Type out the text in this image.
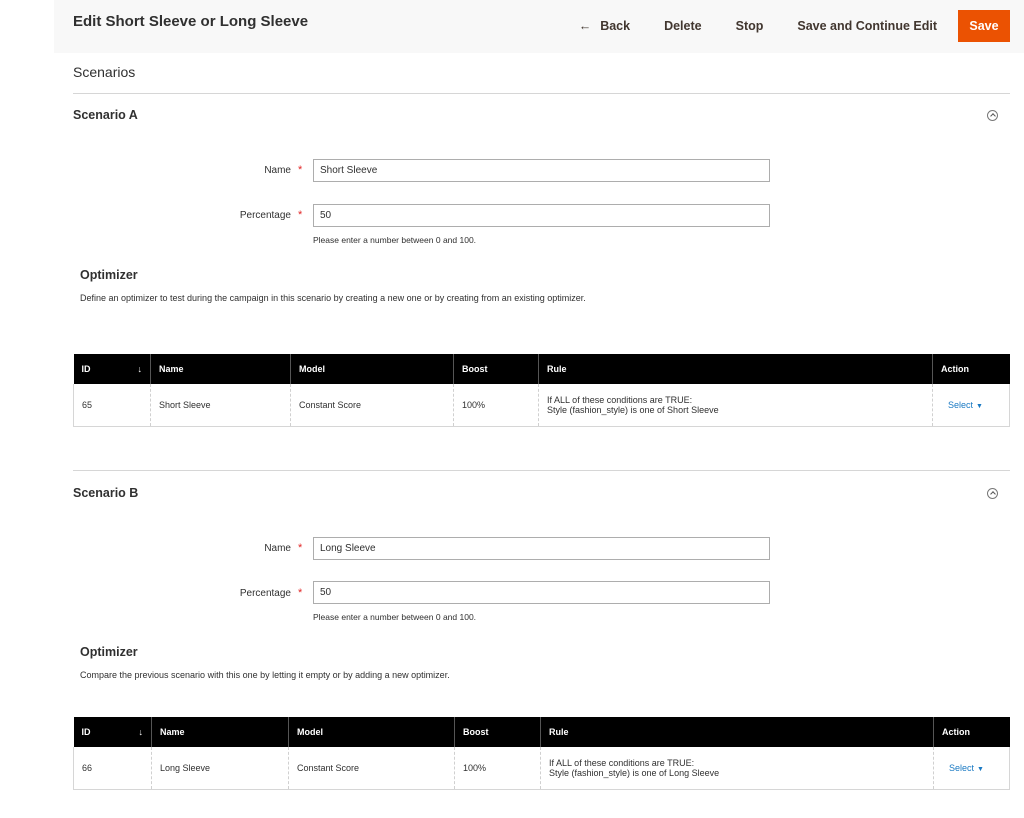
Edit Short Sleeve or Long Sleeve	← Back	Delete	Stop	Save and Continue Edit	Save
Scenarios
Scenario A
Name *
Short Sleeve
Percentage *
50
Please enter a number between 0 and 100.
Optimizer
Define an optimizer to test during the campaign in this scenario by creating a new one or by creating from an existing optimizer.
ID ↓	Name	Model	Boost	Rule	Action
65	Short Sleeve	Constant Score	100%	If ALL of these conditions are TRUE:
Style (fashion_style) is one of Short Sleeve	Select ▼
Scenario B
Name *
Long Sleeve
Percentage *
50
Please enter a number between 0 and 100.
Optimizer
Compare the previous scenario with this one by letting it empty or by adding a new optimizer.
ID ↓	Name	Model	Boost	Rule	Action
66	Long Sleeve	Constant Score	100%	If ALL of these conditions are TRUE:
Style (fashion_style) is one of Long Sleeve	Select ▼
